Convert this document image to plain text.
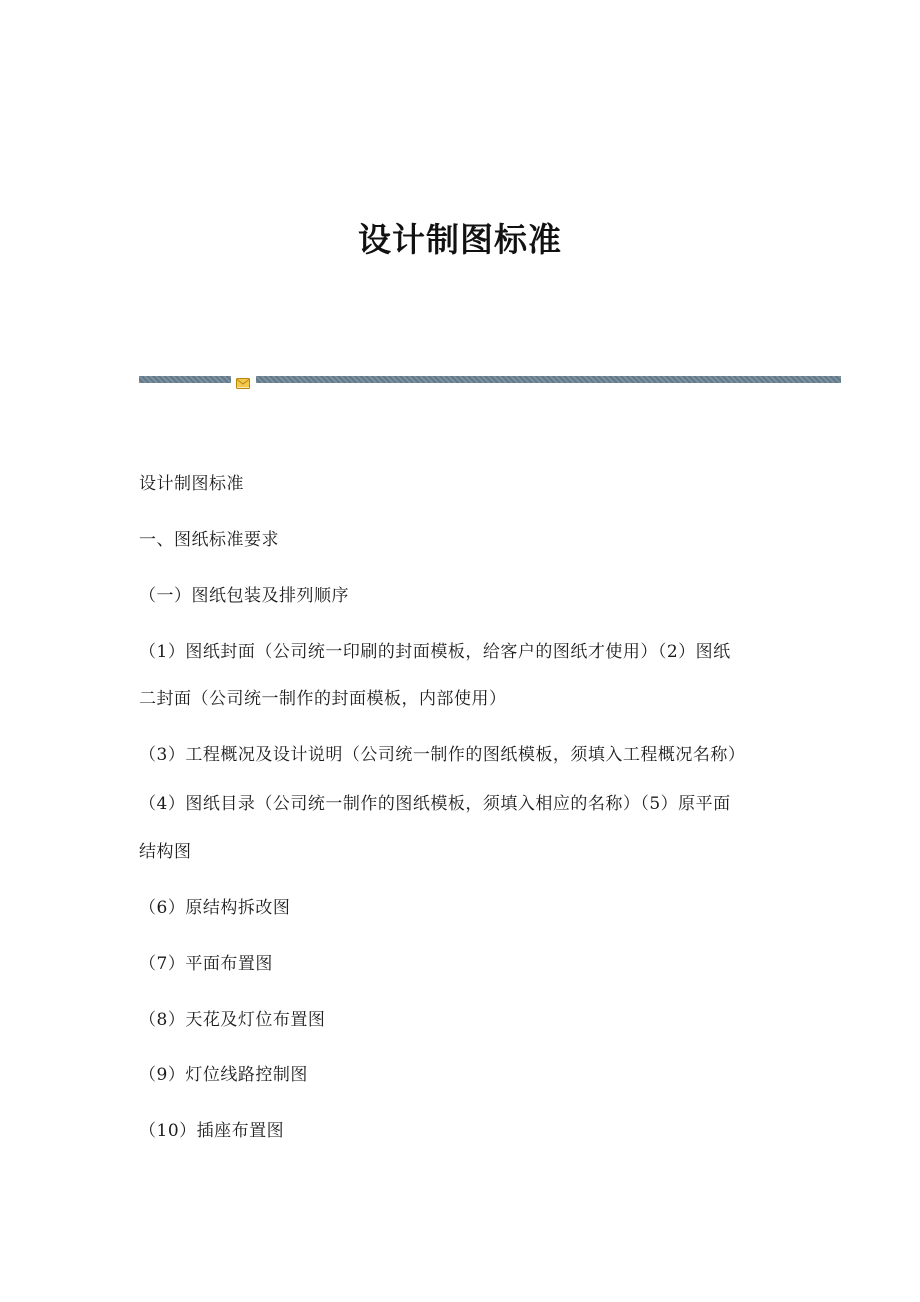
设计制图标准
设计制图标准
一、图纸标准要求
（一）图纸包装及排列顺序
（1）图纸封面（公司统一印刷的封面模板，给客户的图纸才使用）（2）图纸
二封面（公司统一制作的封面模板，内部使用）
（3）工程概况及设计说明（公司统一制作的图纸模板，须填入工程概况名称）
（4）图纸目录（公司统一制作的图纸模板，须填入相应的名称）（5）原平面
结构图
（6）原结构拆改图
（7）平面布置图
（8）天花及灯位布置图
（9）灯位线路控制图
（10）插座布置图
